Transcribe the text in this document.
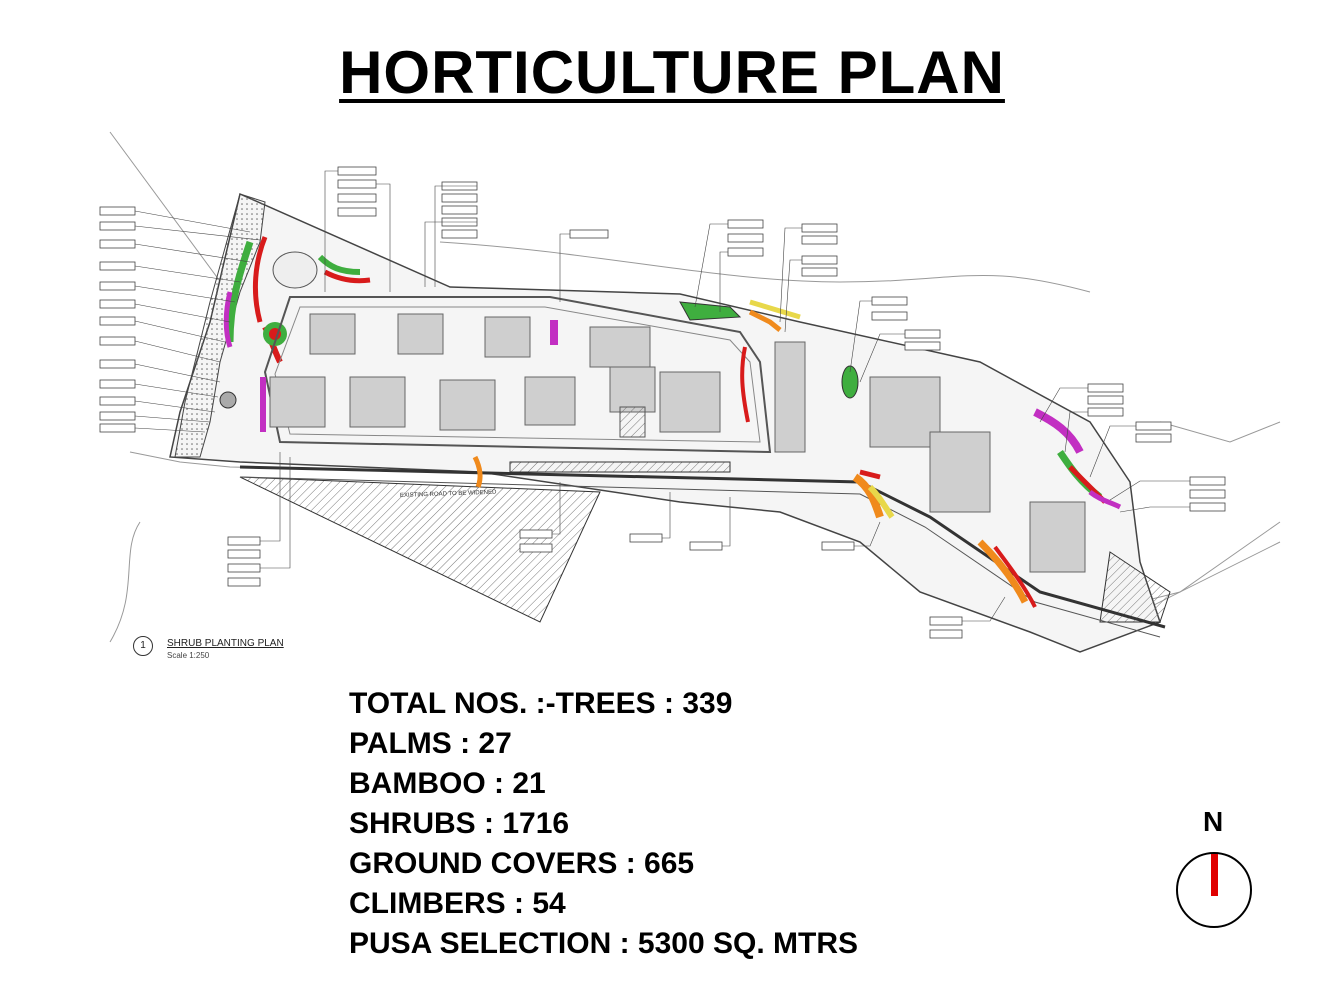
HORTICULTURE PLAN
EXISTING ROAD TO BE WIDENED
1	SHRUB PLANTING PLAN
Scale 1:250
TOTAL NOS. :-TREES : 339
PALMS : 27
BAMBOO : 21
SHRUBS : 1716
GROUND COVERS : 665
CLIMBERS : 54
PUSA SELECTION : 5300 SQ. MTRS
N
